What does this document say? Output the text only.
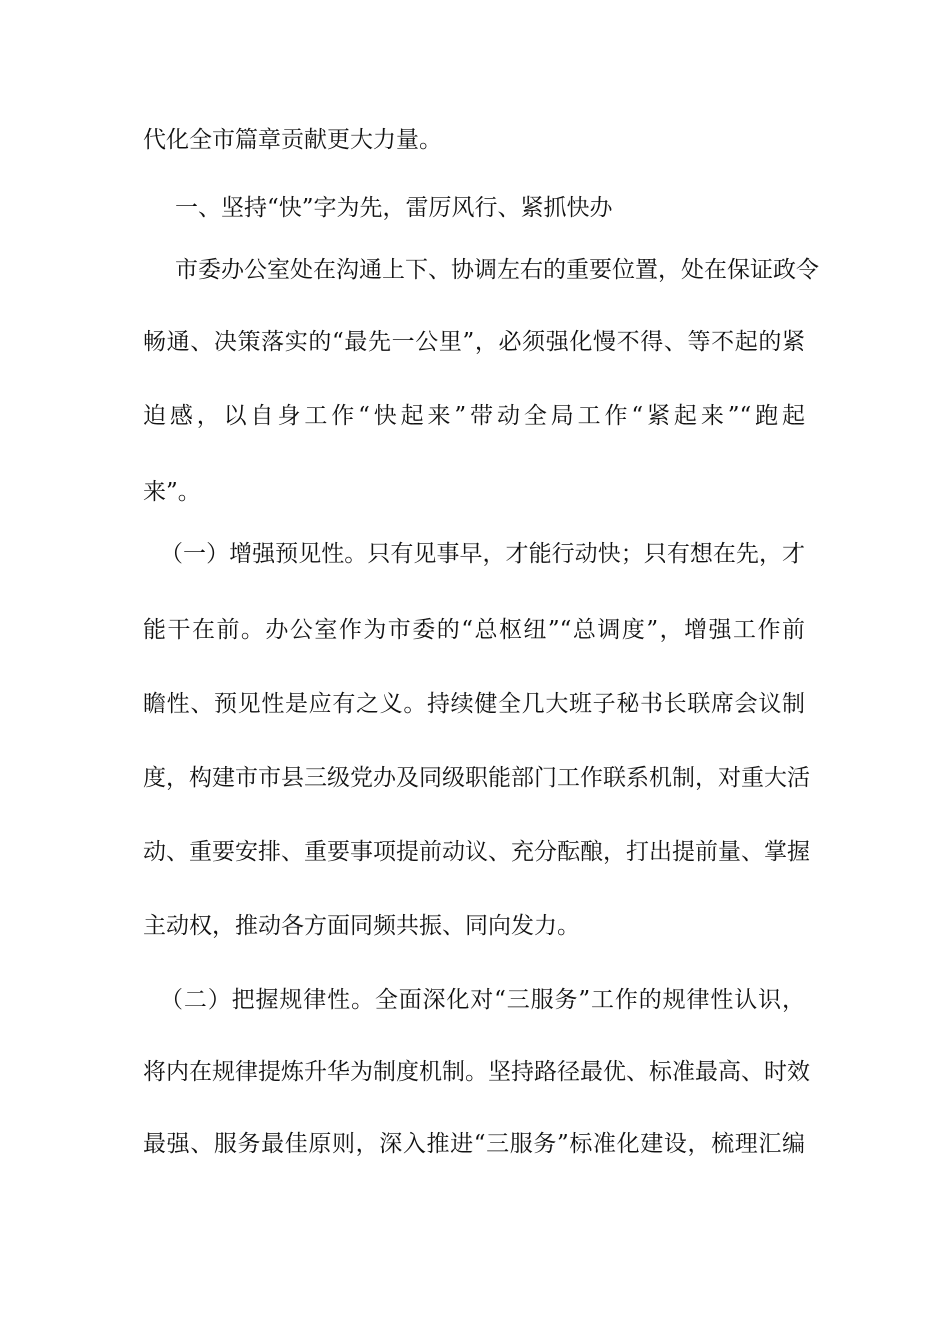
代化全市篇章贡献更大力量。
一、坚持“快”字为先，雷厉风行、紧抓快办
市委办公室处在沟通上下、协调左右的重要位置，处在保证政令
畅通、决策落实的“最先一公里”，必须强化慢不得、等不起的紧
迫感，以自身工作“快起来”带动全局工作“紧起来”“跑起
来”。
（一）增强预见性。只有见事早，才能行动快；只有想在先，才
能干在前。办公室作为市委的“总枢纽”“总调度”，增强工作前
瞻性、预见性是应有之义。持续健全几大班子秘书长联席会议制
度，构建市市县三级党办及同级职能部门工作联系机制，对重大活
动、重要安排、重要事项提前动议、充分酝酿，打出提前量、掌握
主动权，推动各方面同频共振、同向发力。
（二）把握规律性。全面深化对“三服务”工作的规律性认识，
将内在规律提炼升华为制度机制。坚持路径最优、标准最高、时效
最强、服务最佳原则，深入推进“三服务”标准化建设，梳理汇编
